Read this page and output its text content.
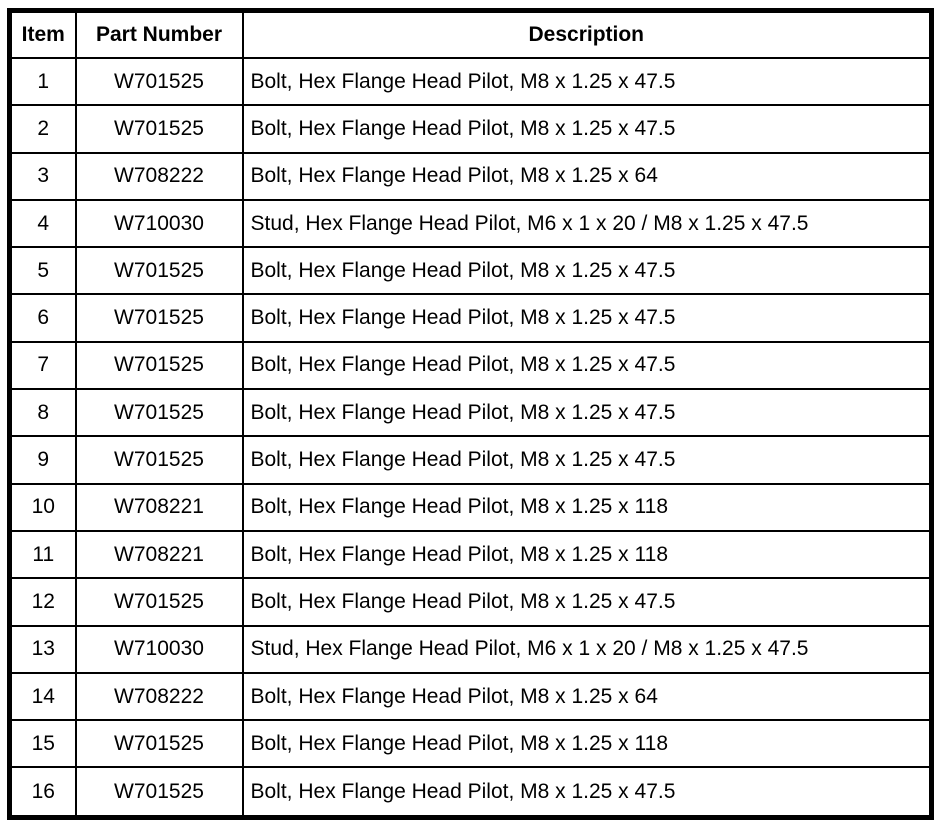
Item	Part Number	Description
1	W701525	Bolt, Hex Flange Head Pilot, M8 x 1.25 x 47.5
2	W701525	Bolt, Hex Flange Head Pilot, M8 x 1.25 x 47.5
3	W708222	Bolt, Hex Flange Head Pilot, M8 x 1.25 x 64
4	W710030	Stud, Hex Flange Head Pilot, M6 x 1 x 20 / M8 x 1.25 x 47.5
5	W701525	Bolt, Hex Flange Head Pilot, M8 x 1.25 x 47.5
6	W701525	Bolt, Hex Flange Head Pilot, M8 x 1.25 x 47.5
7	W701525	Bolt, Hex Flange Head Pilot, M8 x 1.25 x 47.5
8	W701525	Bolt, Hex Flange Head Pilot, M8 x 1.25 x 47.5
9	W701525	Bolt, Hex Flange Head Pilot, M8 x 1.25 x 47.5
10	W708221	Bolt, Hex Flange Head Pilot, M8 x 1.25 x 118
11	W708221	Bolt, Hex Flange Head Pilot, M8 x 1.25 x 118
12	W701525	Bolt, Hex Flange Head Pilot, M8 x 1.25 x 47.5
13	W710030	Stud, Hex Flange Head Pilot, M6 x 1 x 20 / M8 x 1.25 x 47.5
14	W708222	Bolt, Hex Flange Head Pilot, M8 x 1.25 x 64
15	W701525	Bolt, Hex Flange Head Pilot, M8 x 1.25 x 118
16	W701525	Bolt, Hex Flange Head Pilot, M8 x 1.25 x 47.5
